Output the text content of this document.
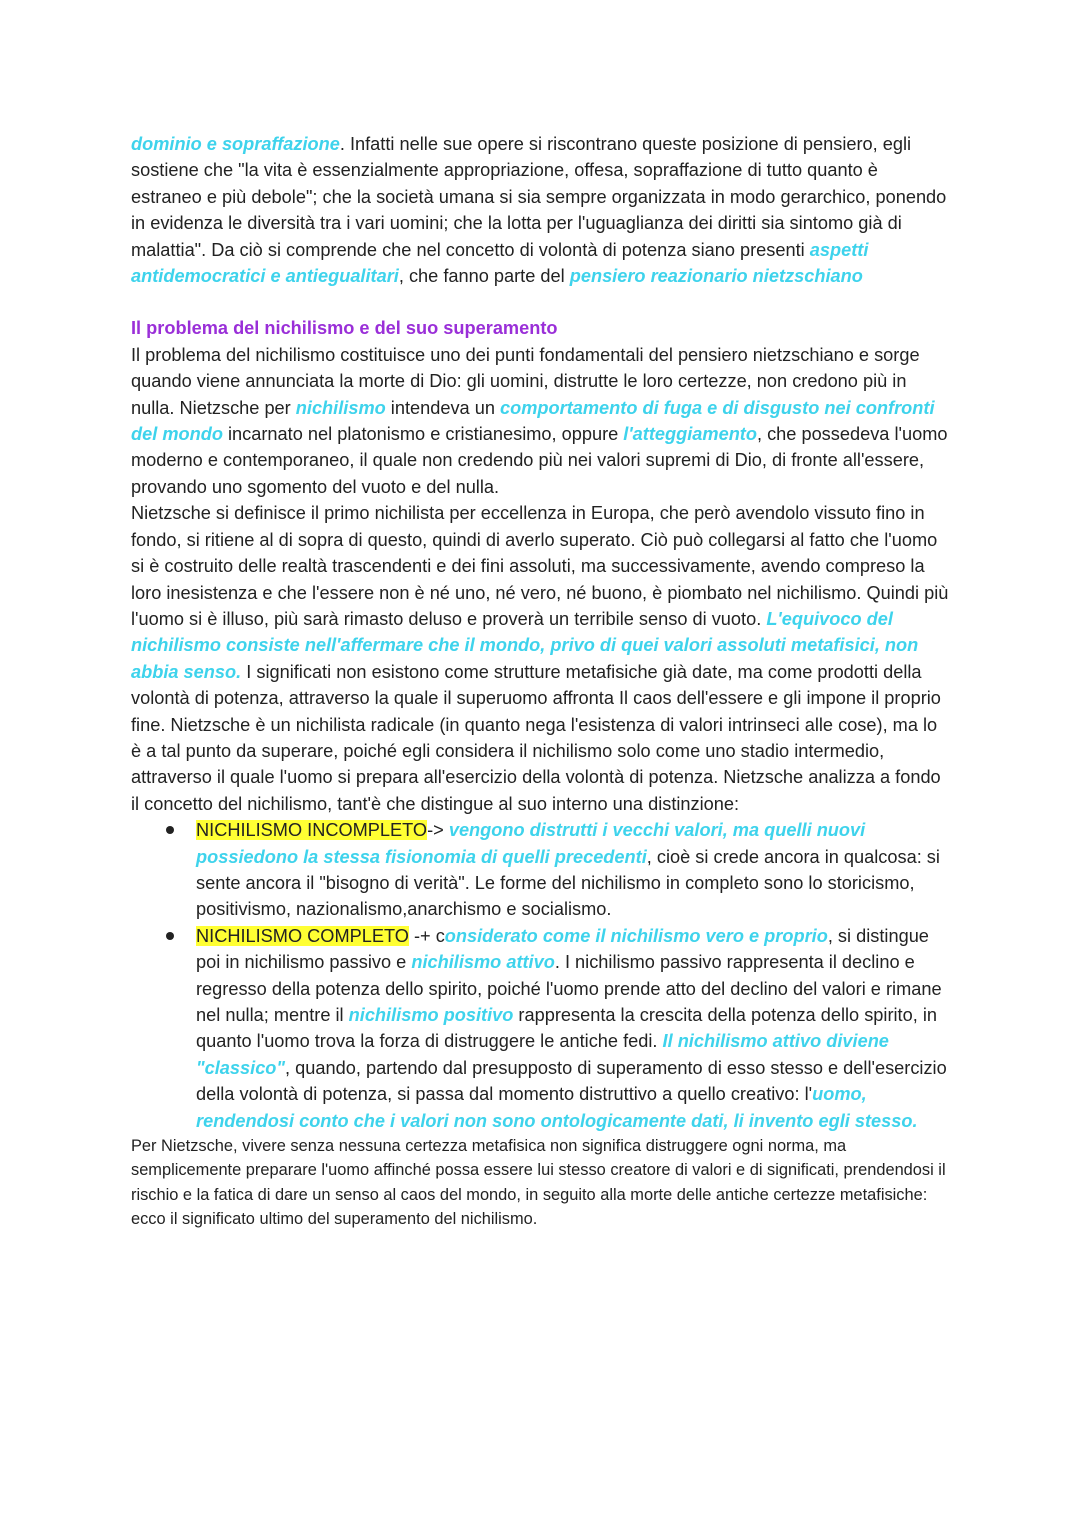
dominio e sopraffazione. Infatti nelle sue opere si riscontrano queste posizione di pensiero, egli sostiene che "la vita è essenzialmente appropriazione, offesa, sopraffazione di tutto quanto è estraneo e più debole"; che la società umana si sia sempre organizzata in modo gerarchico, ponendo in evidenza le diversità tra i vari uomini; che la lotta per l'uguaglianza dei diritti sia sintomo già di malattia". Da ciò si comprende che nel concetto di volontà di potenza siano presenti aspetti antidemocratici e antiegualitari, che fanno parte del pensiero reazionario nietzschiano

Il problema del nichilismo e del suo superamento

Il problema del nichilismo costituisce uno dei punti fondamentali del pensiero nietzschiano e sorge quando viene annunciata la morte di Dio: gli uomini, distrutte le loro certezze, non credono più in nulla. Nietzsche per nichilismo intendeva un comportamento di fuga e di disgusto nei confronti del mondo incarnato nel platonismo e cristianesimo, oppure l'atteggiamento, che possedeva l'uomo moderno e contemporaneo, il quale non credendo più nei valori supremi di Dio, di fronte all'essere, provando uno sgomento del vuoto e del nulla.

Nietzsche si definisce il primo nichilista per eccellenza in Europa, che però avendolo vissuto fino in fondo, si ritiene al di sopra di questo, quindi di averlo superato. Ciò può collegarsi al fatto che l'uomo si è costruito delle realtà trascendenti e dei fini assoluti, ma successivamente, avendo compreso la loro inesistenza e che l'essere non è né uno, né vero, né buono, è piombato nel nichilismo. Quindi più l'uomo si è illuso, più sarà rimasto deluso e proverà un terribile senso di vuoto. L'equivoco del nichilismo consiste nell'affermare che il mondo, privo di quei valori assoluti metafisici, non abbia senso. I significati non esistono come strutture metafisiche già date, ma come prodotti della volontà di potenza, attraverso la quale il superuomo affronta Il caos dell'essere e gli impone il proprio fine. Nietzsche è un nichilista radicale (in quanto nega l'esistenza di valori intrinseci alle cose), ma lo è a tal punto da superare, poiché egli considera il nichilismo solo come uno stadio intermedio, attraverso il quale l'uomo si prepara all'esercizio della volontà di potenza. Nietzsche analizza a fondo il concetto del nichilismo, tant'è che distingue al suo interno una distinzione:

NICHILISMO INCOMPLETO-> vengono distrutti i vecchi valori, ma quelli nuovi possiedono la stessa fisionomia di quelli precedenti, cioè si crede ancora in qualcosa: si sente ancora il "bisogno di verità". Le forme del nichilismo in completo sono lo storicismo, positivismo, nazionalismo,anarchismo e socialismo.
NICHILISMO COMPLETO -+ considerato come il nichilismo vero e proprio, si distingue poi in nichilismo passivo e nichilismo attivo. I nichilismo passivo rappresenta il declino e regresso della potenza dello spirito, poiché l'uomo prende atto del declino del valori e rimane nel nulla; mentre il nichilismo positivo rappresenta la crescita della potenza dello spirito, in quanto l'uomo trova la forza di distruggere le antiche fedi. Il nichilismo attivo diviene "classico", quando, partendo dal presupposto di superamento di esso stesso e dell'esercizio della volontà di potenza, si passa dal momento distruttivo a quello creativo: l'uomo, rendendosi conto che i valori non sono ontologicamente dati, li invento egli stesso.

Per Nietzsche, vivere senza nessuna certezza metafisica non significa distruggere ogni norma, ma semplicemente preparare l'uomo affinché possa essere lui stesso creatore di valori e di significati, prendendosi il rischio e la fatica di dare un senso al caos del mondo, in seguito alla morte delle antiche certezze metafisiche: ecco il significato ultimo del superamento del nichilismo.
